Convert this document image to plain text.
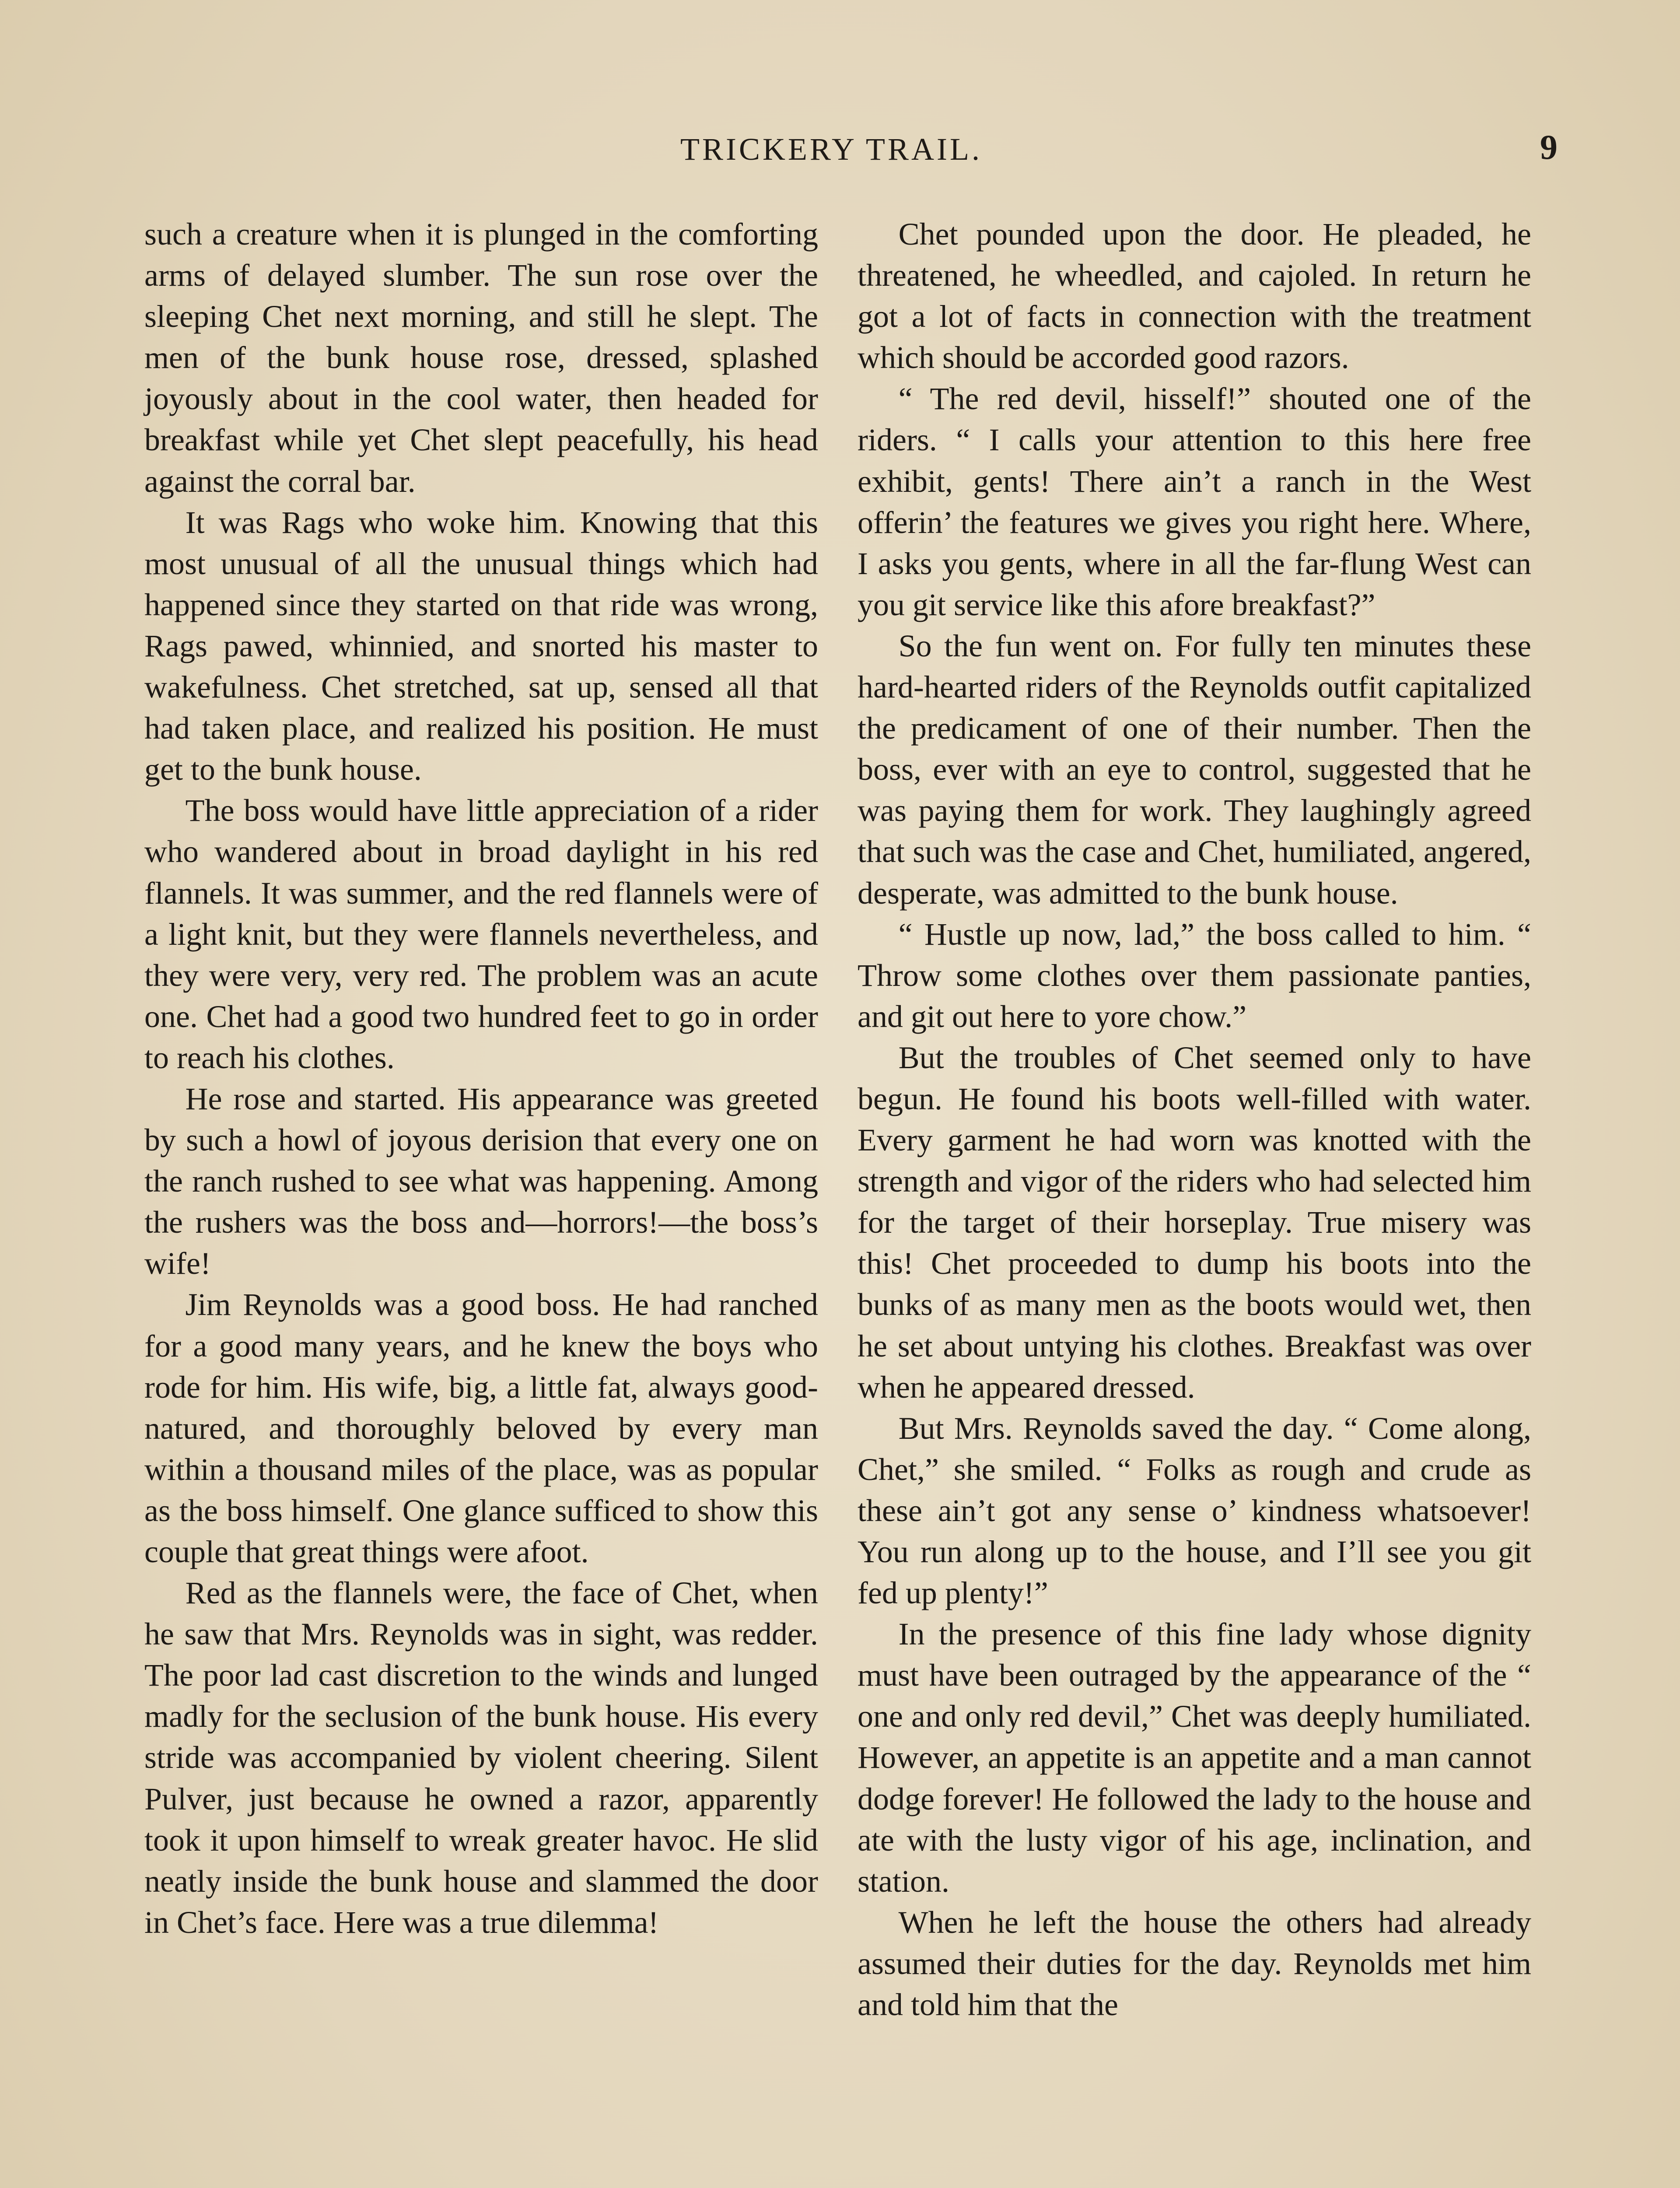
TRICKERY TRAIL.	9

such a creature when it is plunged in the comforting arms of delayed slumber. The sun rose over the sleeping Chet next morning, and still he slept. The men of the bunk house rose, dressed, splashed joyously about in the cool water, then headed for breakfast while yet Chet slept peacefully, his head against the corral bar.

It was Rags who woke him. Knowing that this most unusual of all the unusual things which had happened since they started on that ride was wrong, Rags pawed, whinnied, and snorted his master to wakefulness. Chet stretched, sat up, sensed all that had taken place, and realized his position. He must get to the bunk house.

The boss would have little appreciation of a rider who wandered about in broad daylight in his red flannels. It was summer, and the red flannels were of a light knit, but they were flannels nevertheless, and they were very, very red. The problem was an acute one. Chet had a good two hundred feet to go in order to reach his clothes.

He rose and started. His appearance was greeted by such a howl of joyous derision that every one on the ranch rushed to see what was happening. Among the rushers was the boss and—horrors!—the boss’s wife!

Jim Reynolds was a good boss. He had ranched for a good many years, and he knew the boys who rode for him. His wife, big, a little fat, always good-natured, and thoroughly beloved by every man within a thousand miles of the place, was as popular as the boss himself. One glance sufficed to show this couple that great things were afoot.

Red as the flannels were, the face of Chet, when he saw that Mrs. Reynolds was in sight, was redder. The poor lad cast discretion to the winds and lunged madly for the seclusion of the bunk house. His every stride was accompanied by violent cheering. Silent Pulver, just because he owned a razor, apparently took it upon himself to wreak greater havoc. He slid neatly inside the bunk house and slammed the door in Chet’s face. Here was a true dilemma!

Chet pounded upon the door. He pleaded, he threatened, he wheedled, and cajoled. In return he got a lot of facts in connection with the treatment which should be accorded good razors.

“ The red devil, hisself!” shouted one of the riders. “ I calls your attention to this here free exhibit, gents! There ain’t a ranch in the West offerin’ the features we gives you right here. Where, I asks you gents, where in all the far-flung West can you git service like this afore breakfast?”

So the fun went on. For fully ten minutes these hard-hearted riders of the Reynolds outfit capitalized the predicament of one of their number. Then the boss, ever with an eye to control, suggested that he was paying them for work. They laughingly agreed that such was the case and Chet, humiliated, angered, desperate, was admitted to the bunk house.

“ Hustle up now, lad,” the boss called to him. “ Throw some clothes over them passionate panties, and git out here to yore chow.”

But the troubles of Chet seemed only to have begun. He found his boots well-filled with water. Every garment he had worn was knotted with the strength and vigor of the riders who had selected him for the target of their horseplay. True misery was this! Chet proceeded to dump his boots into the bunks of as many men as the boots would wet, then he set about untying his clothes. Breakfast was over when he appeared dressed.

But Mrs. Reynolds saved the day. “ Come along, Chet,” she smiled. “ Folks as rough and crude as these ain’t got any sense o’ kindness whatsoever! You run along up to the house, and I’ll see you git fed up plenty!”

In the presence of this fine lady whose dignity must have been outraged by the appearance of the “ one and only red devil,” Chet was deeply humiliated. However, an appetite is an appetite and a man cannot dodge forever! He followed the lady to the house and ate with the lusty vigor of his age, inclination, and station.

When he left the house the others had already assumed their duties for the day. Reynolds met him and told him that the
